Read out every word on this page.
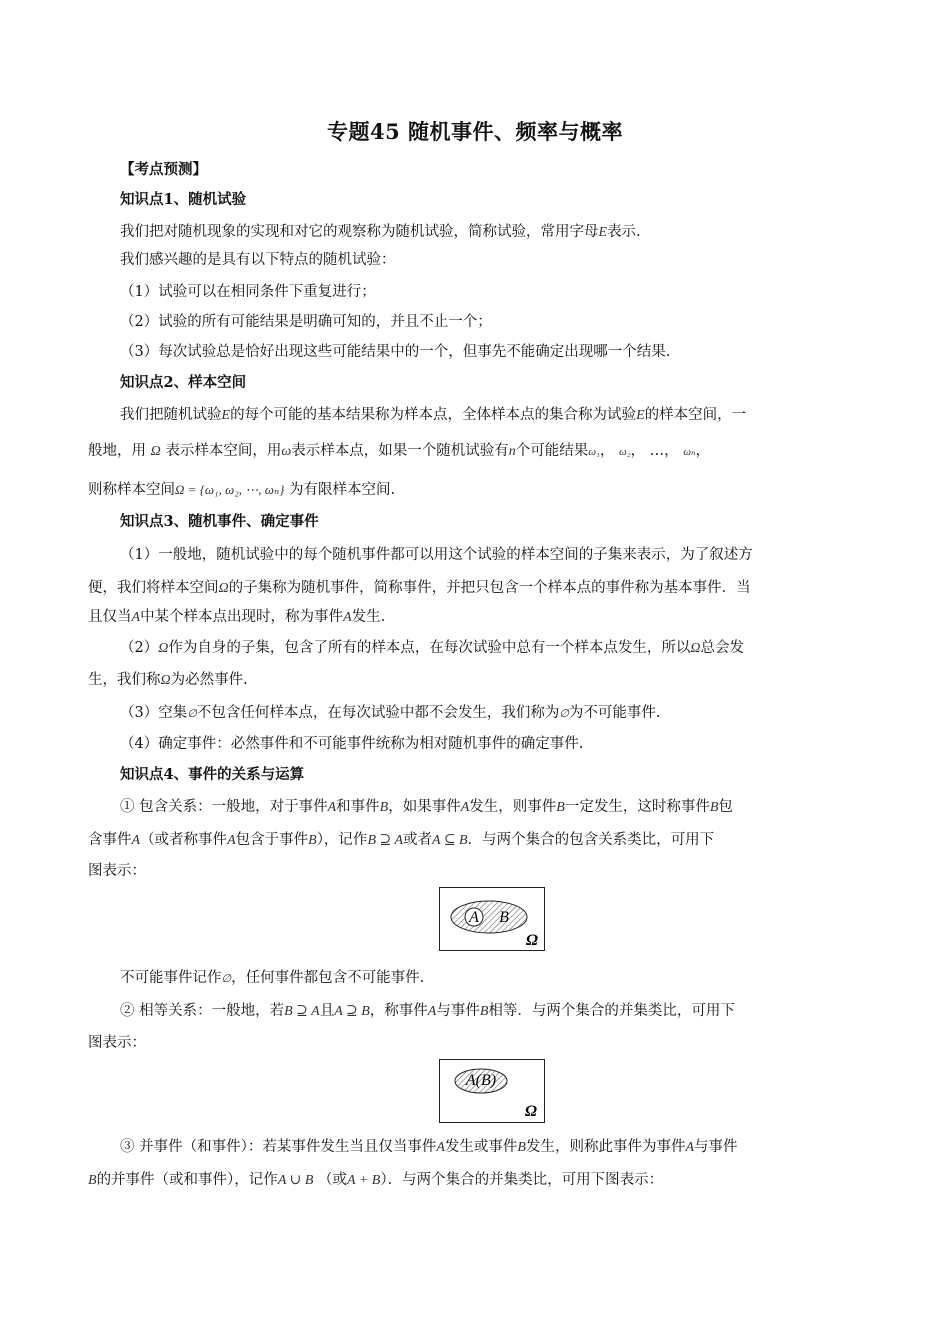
专题45 随机事件、频率与概率
【考点预测】
知识点1、随机试验
我们把对随机现象的实现和对它的观察称为随机试验，简称试验，常用字母E表示.
我们感兴趣的是具有以下特点的随机试验：
（1）试验可以在相同条件下重复进行；
（2）试验的所有可能结果是明确可知的，并且不止一个；
（3）每次试验总是恰好出现这些可能结果中的一个，但事先不能确定出现哪一个结果.
知识点2、样本空间
我们把随机试验E的每个可能的基本结果称为样本点，全体样本点的集合称为试验E的样本空间，一
般地，用 Ω 表示样本空间，用ω表示样本点，如果一个随机试验有n个可能结果ω₁， ω₂， …， ωₙ，
则称样本空间Ω = {ω₁, ω₂, ⋯, ωₙ} 为有限样本空间.
知识点3、随机事件、确定事件
（1）一般地，随机试验中的每个随机事件都可以用这个试验的样本空间的子集来表示，为了叙述方
便，我们将样本空间Ω的子集称为随机事件，简称事件，并把只包含一个样本点的事件称为基本事件．当
且仅当A中某个样本点出现时，称为事件A发生.
（2）Ω作为自身的子集，包含了所有的样本点，在每次试验中总有一个样本点发生，所以Ω总会发
生，我们称Ω为必然事件.
（3）空集∅不包含任何样本点，在每次试验中都不会发生，我们称为∅为不可能事件.
（4）确定事件：必然事件和不可能事件统称为相对随机事件的确定事件.
知识点4、事件的关系与运算
① 包含关系：一般地，对于事件A和事件B，如果事件A发生，则事件B一定发生，这时称事件B包
含事件A（或者称事件A包含于事件B），记作B ⊇ A或者A ⊆ B．与两个集合的包含关系类比，可用下
图表示：
A B
Ω
不可能事件记作∅，任何事件都包含不可能事件.
② 相等关系：一般地，若B ⊇ A且A ⊇ B，称事件A与事件B相等．与两个集合的并集类比，可用下
图表示：
A(B)
Ω
③ 并事件（和事件）：若某事件发生当且仅当事件A发生或事件B发生，则称此事件为事件A与事件
B的并事件（或和事件），记作A ∪ B （或A + B）．与两个集合的并集类比，可用下图表示：
